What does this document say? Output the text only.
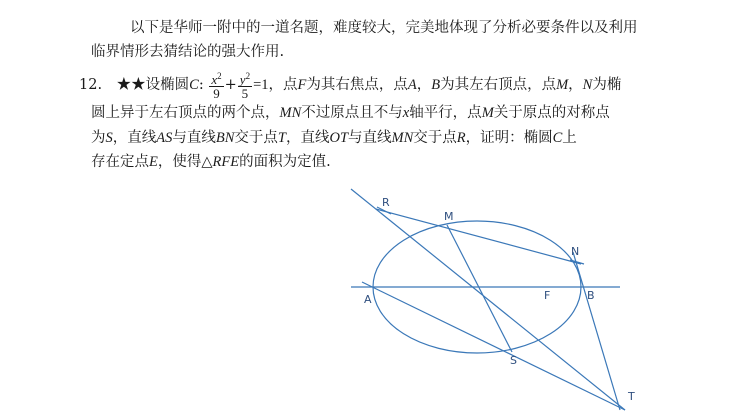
以下是华师一附中的一道名题，难度较大，完美地体现了分析必要条件以及利用
临界情形去猜结论的强大作用.
12. ★★设椭圆C: $\frac{x^2}{9} + \frac{y^2}{5} =1$，点F为其右焦点，点A，B为其左右顶点，点M，N为椭
圆上异于左右顶点的两个点，MN不过原点且不与x轴平行，点M关于原点的对称点
为S，直线AS与直线BN交于点T，直线OT与直线MN交于点R，证明：椭圆C上
存在定点E，使得△RFE的面积为定值.
R
M
N
A	F	B
S
T
